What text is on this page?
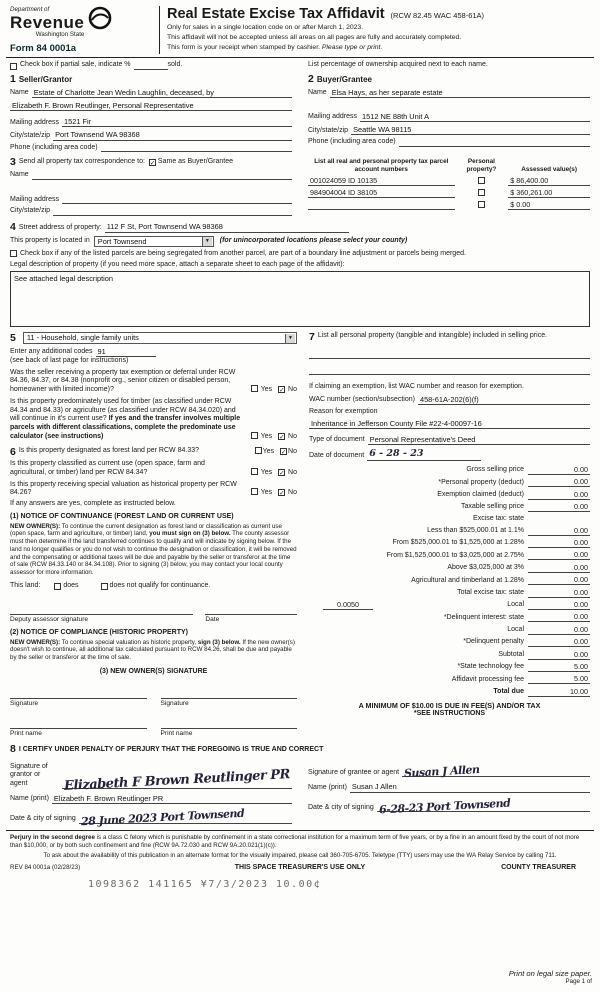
Department of
Revenue
Washington State
Form 84 0001a
Real Estate Excise Tax Affidavit (RCW 82.45 WAC 458-61A)
Only for sales in a single location code on or after March 1, 2023.
This affidavit will not be accepted unless all areas on all pages are fully and accurately completed.
This form is your receipt when stamped by cashier. Please type or print.
Check box if partial sale, indicate %	sold.	List percentage of ownership acquired next to each name.
1 Seller/Grantor
Name Estate of Charlotte Jean Wedin Laughlin, deceased, by
Elizabeth F. Brown Reutlinger, Personal Representative
Mailing address 1521 Fir
City/state/zip Port Townsend WA 98368
Phone (including area code)
2 Buyer/Grantee
Name Elsa Hays, as her separate estate
Mailing address 1512 NE 88th Unit A
City/state/zip Seattle WA 98115
Phone (including area code)
3 Send all property tax correspondence to: ✓ Same as Buyer/Grantee
Name
Mailing address
City/state/zip
List all real and personal property tax parcel account numbers	Personal property?	Assessed value(s)
001024059 ID 10135		$ 86,400.00
984904004 ID 38105		$ 360,261.00
		$ 0.00
4 Street address of property: 112 F St, Port Townsend WA 98368
This property is located in Port Townsend	▼ (for unincorporated locations please select your county)
Check box if any of the listed parcels are being segregated from another parcel, are part of a boundary line adjustment or parcels being merged.
Legal description of property (if you need more space, attach a separate sheet to each page of the affidavit):
See attached legal description
5 11 - Household, single family units	▼
Enter any additional codes 91
(see back of last page for instructions)
Was the seller receiving a property tax exemption or deferral under RCW 84.36, 84.37, or 84.38 (nonprofit org., senior citizen or disabled person, homeowner with limited income)?	Yes ✓ No
Is this property predominately used for timber (as classified under RCW 84.34 and 84.33) or agriculture (as classified under RCW 84.34.020) and will continue in it's current use? If yes and the transfer involves multiple parcels with different classifications, complete the predominate use calculator (see instructions)	Yes ✓ No
6 Is this property designated as forest land per RCW 84.33?	Yes ✓ No
Is this property classified as current use (open space, farm and agricultural, or timber) land per RCW 84.34?	Yes ✓ No
Is this property receiving special valuation as historical property per RCW 84.26?	Yes ✓ No
If any answers are yes, complete as instructed below.
(1) NOTICE OF CONTINUANCE (FOREST LAND OR CURRENT USE)
NEW OWNER(S): To continue the current designation as forest land or classification as current use (open space, farm and agriculture, or timber) land, you must sign on (3) below. The county assessor must then determine if the land transferred continues to qualify and will indicate by signing below. If the land no longer qualifies or you do not wish to continue the designation or classification, it will be removed and the compensating or additional taxes will be due and payable by the seller or transferor at the time of sale (RCW 84.33.140 or 84.34.108). Prior to signing (3) below, you may contact your local county assessor for more information.
This land:	does	does not qualify for continuance.
Deputy assessor signature	Date
(2) NOTICE OF COMPLIANCE (HISTORIC PROPERTY)
NEW OWNER(S): To continue special valuation as historic property, sign (3) below. If the new owner(s) doesn't wish to continue, all additional tax calculated pursuant to RCW 84.26, shall be due and payable by the seller or transferor at the time of sale.
(3) NEW OWNER(S) SIGNATURE
Signature	Signature
Print name	Print name
7 List all personal property (tangible and intangible) included in selling price.
If claiming an exemption, list WAC number and reason for exemption.
WAC number (section/subsection) 458-61A-202(6)(f)
Reason for exemption
Inheritance in Jefferson County File #22-4-00097-16
Type of document Personal Representative's Deed
Date of document 6 - 28 - 23
Gross selling price	0.00
*Personal property (deduct)	0.00
Exemption claimed (deduct)	0.00
Taxable selling price	0.00
Excise tax: state
Less than $525,000.01 at 1.1%	0.00
From $525,000.01 to $1,525,000 at 1.28%	0.00
From $1,525,000.01 to $3,025,000 at 2.75%	0.00
Above $3,025,000 at 3%	0.00
Agricultural and timberland at 1.28%	0.00
Total excise tax: state	0.00
0.0050	Local	0.00
*Delinquent interest: state	0.00
Local	0.00
*Delinquent penalty	0.00
Subtotal	0.00
*State technology fee	5.00
Affidavit processing fee	5.00
Total due	10.00
A MINIMUM OF $10.00 IS DUE IN FEE(S) AND/OR TAX
*SEE INSTRUCTIONS
8 I CERTIFY UNDER PENALTY OF PERJURY THAT THE FOREGOING IS TRUE AND CORRECT
Signature of grantor or agent	Elizabeth F Brown Reutlinger PR
Name (print) Elizabeth F. Brown Reutlinger PR
Date & city of signing 28 June 2023 Port Townsend
Signature of grantee or agent Susan J Allen
Name (print) Susan J Allen
Date & city of signing 6-28-23 Port Townsend
Perjury in the second degree is a class C felony which is punishable by confinement in a state correctional institution for a maximum term of five years, or by a fine in an amount fixed by the court of not more than $10,000, or by both such confinement and fine (RCW 9A.72.030 and RCW 9A.20.021(1)(c)).
To ask about the availability of this publication in an alternate format for the visually impaired, please call 360-705-6705. Teletype (TTY) users may use the WA Relay Service by calling 711.
REV 84 0001a (02/28/23)	THIS SPACE TREASURER'S USE ONLY	COUNTY TREASURER
1098362 141165 ¥7/3/2023 10.00¢
Print on legal size paper.
Page 1 of
